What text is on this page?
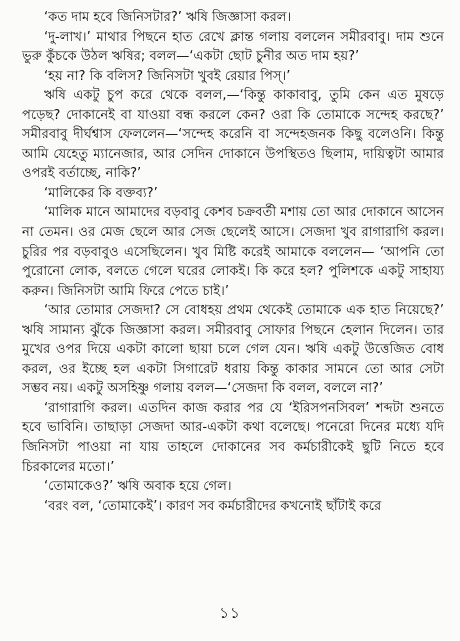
‘কত দাম হবে জিনিসটার?’ ঋষি জিজ্ঞাসা করল।

‘দু-লাখ।’ মাথার পিছনে হাত রেখে ক্লান্ত গলায় বললেন সমীরবাবু। দাম শুনে ভুরু কুঁচকে উঠল ঋষির; বলল—‘একটা ছোট চুনীর অত দাম হয়?’

‘হয় না? কি বলিস? জিনিসটা খুবই রেয়ার পিস্‌।’

ঋষি একটু চুপ করে থেকে বলল,—‘কিন্তু কাকাবাবু, তুমি কেন এত মুষড়ে পড়েছ? দোকানেই বা যাওয়া বন্ধ করলে কেন? ওরা কি তোমাকে সন্দেহ করছে?’ সমীরবাবু দীর্ঘশ্বাস ফেললেন—‘সন্দেহ করেনি বা সন্দেহজনক কিছু বলেওনি। কিন্তু আমি যেহেতু ম্যানেজার, আর সেদিন দোকানে উপস্থিতও ছিলাম, দায়িত্বটা আমার ওপরই বর্তাচ্ছে, নাকি?’

‘মালিকের কি বক্তব্য?’

‘মালিক মানে আমাদের বড়বাবু কেশব চক্রবর্তী মশায় তো আর দোকানে আসেন না তেমন। ওর মেজ ছেলে আর সেজ ছেলেই আসে। সেজদা খুব রাগারাগি করল। চুরির পর বড়বাবুও এসেছিলেন। খুব মিষ্টি করেই আমাকে বললেন— ‘আপনি তো পুরোনো লোক, বলতে গেলে ঘরের লোকই। কি করে হল? পুলিশকে একটু সাহায্য করুন। জিনিসটা আমি ফিরে পেতে চাই।’

‘আর তোমার সেজদা? সে বোধহয় প্রথম থেকেই তোমাকে এক হাত নিয়েছে?’ ঋষি সামান্য ঝুঁকে জিজ্ঞাসা করল। সমীরবাবু সোফার পিছনে হেলান দিলেন। তার মুখের ওপর দিয়ে একটা কালো ছায়া চলে গেল যেন। ঋষি একটু উত্তেজিত বোধ করল, ওর ইচ্ছে হল একটা সিগারেট ধরায় কিন্তু কাকার সামনে তো আর সেটা সম্ভব নয়। একটু অসহিষ্ণু গলায় বলল—‘সেজদা কি বলল, বললে না?’

‘রাগারাগি করল। এতদিন কাজ করার পর যে ‘ইরিসপনসিবল’ শব্দটা শুনতে হবে ভাবিনি। তাছাড়া সেজদা আর-একটা কথা বলেছে। পনেরো দিনের মধ্যে যদি জিনিসটা পাওয়া না যায় তাহলে দোকানের সব কর্মচারীকেই ছুটি নিতে হবে চিরকালের মতো।’

‘তোমাকেও?’ ঋষি অবাক হয়ে গেল।

‘বরং বল, ‘তোমাকেই’। কারণ সব কর্মচারীদের কখনোই ছাঁটাই করে

১১
